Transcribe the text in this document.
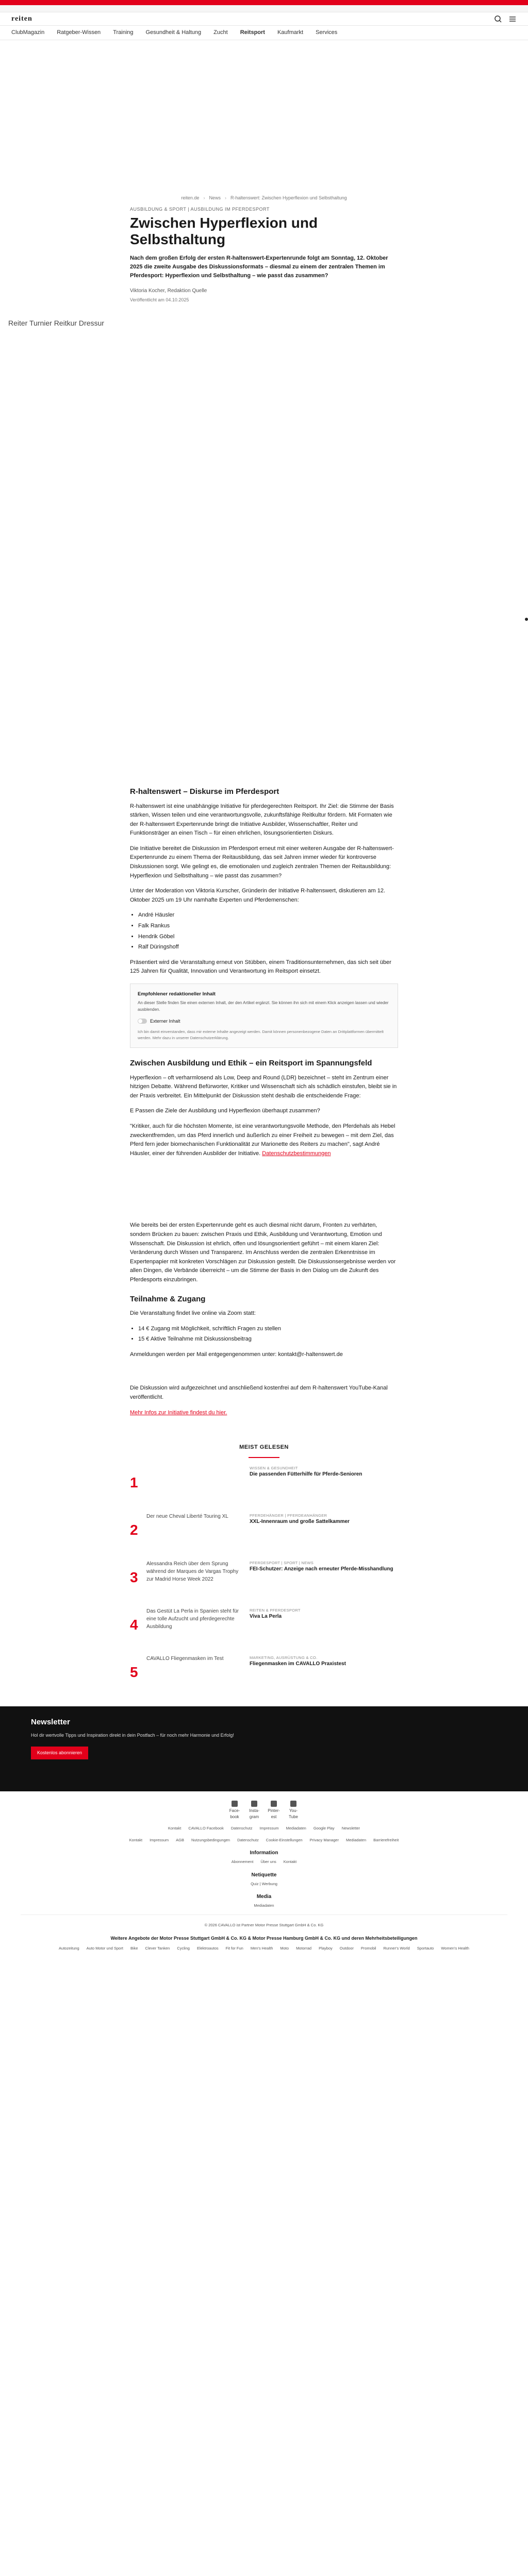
reiten
ClubMagazin Ratgeber-Wissen Training Gesundheit & Haltung Zucht Reitsport Kaufmarkt Services
reiten.de › News › R-haltenswert: Zwischen Hyperflexion und Selbsthaltung
AUSBILDUNG & SPORT | AUSBILDUNG IM PFERDESPORT
Zwischen Hyperflexion und Selbsthaltung

Nach dem großen Erfolg der ersten R-haltenswert-Expertenrunde folgt am Sonntag, 12. Oktober 2025 die zweite Ausgabe des Diskussionsformats – diesmal zu einem der zentralen Themen im Pferdesport: Hyperflexion und Selbsthaltung – wie passt das zusammen?

Viktoria Kocher, Redaktion Quelle
Veröffentlicht am 04.10.2025
Reiter Turnier Reitkur Dressur
R-haltenswert – Diskurse im Pferdesport

R-haltenswert ist eine unabhängige Initiative für pferdegerechten Reitsport. Ihr Ziel: die Stimme der Basis stärken, Wissen teilen und eine verantwortungsvolle, zukunftsfähige Reitkultur fördern. Mit Formaten wie der R-haltenswert Expertenrunde bringt die Initiative Ausbilder, Wissenschaftler, Reiter und Funktionsträger an einen Tisch – für einen ehrlichen, lösungsorientierten Diskurs.

Die Initiative bereitet die Diskussion im Pferdesport erneut mit einer weiteren Ausgabe der R-haltenswert-Expertenrunde zu einem Thema der Reitausbildung, das seit Jahren immer wieder für kontroverse Diskussionen sorgt. Wie gelingt es, die emotionalen und zugleich zentralen Themen der Reitausbildung: Hyperflexion und Selbsthaltung – wie passt das zusammen?

Unter der Moderation von Viktoria Kurscher, Gründerin der Initiative R-haltenswert, diskutieren am 12. Oktober 2025 um 19 Uhr namhafte Experten und Pferdemenschen:

• André Häusler
• Falk Rankus
• Hendrik Göbel
• Ralf Düringshoff

Präsentiert wird die Veranstaltung erneut von Stübben, einem Traditionsunternehmen, das sich seit über 125 Jahren für Qualität, Innovation und Verantwortung im Reitsport einsetzt.

Empfohlener redaktioneller Inhalt
An dieser Stelle finden Sie einen externen Inhalt, der den Artikel ergänzt. Sie können ihn sich mit einem Klick anzeigen lassen und wieder ausblenden.
Externer Inhalt
Ich bin damit einverstanden, dass mir externe Inhalte angezeigt werden. Damit können personenbezogene Daten an Drittplattformen übermittelt werden. Mehr dazu in unserer Datenschutzerklärung.
Zwischen Ausbildung und Ethik – ein Reitsport im Spannungsfeld

Hyperflexion – oft verharmlosend als Low, Deep and Round (LDR) bezeichnet – steht im Zentrum einer hitzigen Debatte. Während Befürworter, Kritiker und Wissenschaft sich als schädlich einstufen, bleibt sie in der Praxis verbreitet. Ein Mittelpunkt der Diskussion steht deshalb die entscheidende Frage:

E Passen die Ziele der Ausbildung und Hyperflexion überhaupt zusammen?

"Kritiker, auch für die höchsten Momente, ist eine verantwortungsvolle Methode, den Pferdehals als Hebel zweckentfremden, um das Pferd innerlich und äußerlich zu einer Freiheit zu bewegen – mit dem Ziel, das Pferd fern jeder biomechanischen Funktionalität zur Marionette des Reiters zu machen", sagt André Häusler, einer der führenden Ausbilder der Initiative. Datenschutzbestimmungen

Wie bereits bei der ersten Expertenrunde geht es auch diesmal nicht darum, Fronten zu verhärten, sondern Brücken zu bauen: zwischen Praxis und Ethik, Ausbildung und Verantwortung, Emotion und Wissenschaft. Die Diskussion ist ehrlich, offen und lösungsorientiert geführt – mit einem klaren Ziel: Veränderung durch Wissen und Transparenz. Im Anschluss werden die zentralen Erkenntnisse im Expertenpapier mit konkreten Vorschlägen zur Diskussion gestellt. Die Diskussionsergebnisse werden vor allen Dingen, die Verbände überreicht – um die Stimme der Basis in den Dialog um die Zukunft des Pferdesports einzubringen.

Teilnahme & Zugang

Die Veranstaltung findet live online via Zoom statt:

• 14 € Zugang mit Möglichkeit, schriftlich Fragen zu stellen
• 15 € Aktive Teilnahme mit Diskussionsbeitrag

Anmeldungen werden per Mail entgegengenommen unter: kontakt@r-haltenswert.de

Die Diskussion wird aufgezeichnet und anschließend kostenfrei auf dem R-haltenswert YouTube-Kanal veröffentlicht.

Mehr Infos zur Initiative findest du hier.

MEIST GELESEN
1
WISSEN & GESUNDHEIT
Die passenden Fütterhilfe für Pferde-Senioren
2
Der neue Cheval Liberté Touring XL	PFERDEHÄNGER | PFERDEANHÄNGER
XXL-Innenraum und große Sattelkammer
3
Alessandra Reich über dem Sprung während der Marques de Vargas Trophy zur Madrid Horse Week 2022
PFERDESPORT | SPORT | NEWS
FEI-Schutzer: Anzeige nach erneuter Pferde-Misshandlung
4
Das Gestüt La Perla in Spanien steht für eine tolle Aufzucht und pferdegerechte Ausbildung
REITEN & PFERDESPORT
Viva La Perla
5
CAVALLO Fliegenmasken im Test	MARKETING, AUSRÜSTUNG & CO.
Fliegenmasken im CAVALLO Praxistest
Newsletter

Hol dir wertvolle Tipps und Inspiration direkt in dein Postfach – für noch mehr Harmonie und Erfolg!

Kostenlos abonnieren
Face-book
Insta-gram
Pinter-est
You-Tube
Kontakt CAVALLO Facebook Datenschutz Impressum Mediadaten Google Play Newsletter
Kontakt Impressum AGB Nutzungsbedingungen Datenschutz Cookie-Einstellungen Privacy Manager Mediadaten Barrierefreiheit
Information
Abonnement Über uns Kontakt
Netiquette
Quiz | Werbung
Media
Mediadaten
© 2026 CAVALLO ist Partner Motor Presse Stuttgart GmbH & Co. KG
Weitere Angebote der Motor Presse Stuttgart GmbH & Co. KG & Motor Presse Hamburg GmbH & Co. KG und deren Mehrheitsbeteiligungen
Autozeitung Auto Motor und Sport Bike Clever Tanken Cycling Elektroautos Fit for Fun Men's Health Moto Motorrad Playboy Outdoor Promobil Runner's World Sportauto Women's Health
